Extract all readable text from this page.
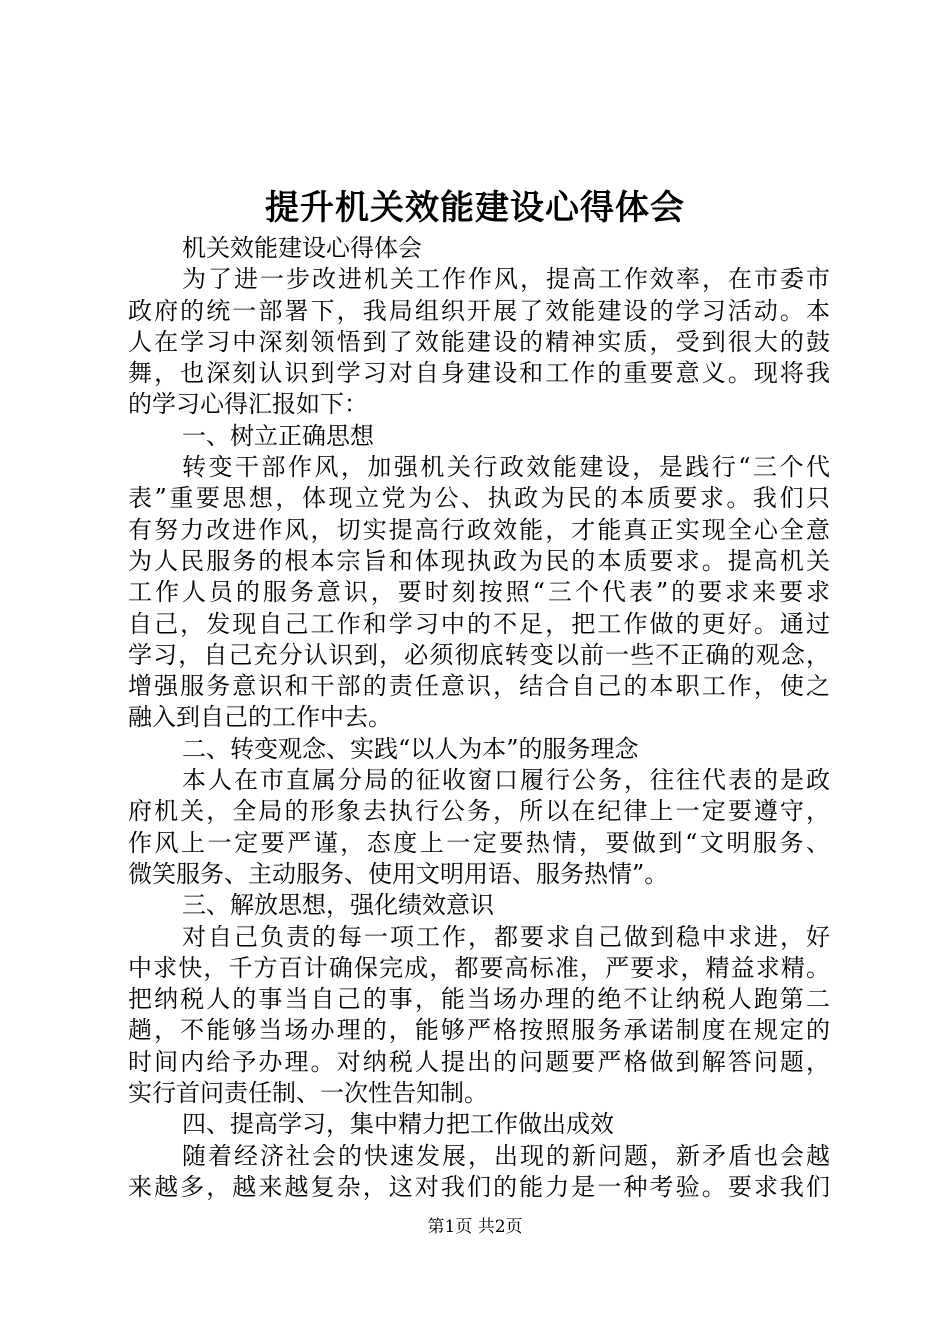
提升机关效能建设心得体会
机关效能建设心得体会
为了进一步改进机关工作作风，提高工作效率，在市委市
政府的统一部署下，我局组织开展了效能建设的学习活动。本
人在学习中深刻领悟到了效能建设的精神实质，受到很大的鼓
舞，也深刻认识到学习对自身建设和工作的重要意义。现将我
的学习心得汇报如下：
一、树立正确思想
转变干部作风，加强机关行政效能建设，是践行“三个代
表”重要思想，体现立党为公、执政为民的本质要求。我们只
有努力改进作风，切实提高行政效能，才能真正实现全心全意
为人民服务的根本宗旨和体现执政为民的本质要求。提高机关
工作人员的服务意识，要时刻按照“三个代表”的要求来要求
自己，发现自己工作和学习中的不足，把工作做的更好。通过
学习，自己充分认识到，必须彻底转变以前一些不正确的观念，
增强服务意识和干部的责任意识，结合自己的本职工作，使之
融入到自己的工作中去。
二、转变观念、实践“以人为本”的服务理念
本人在市直属分局的征收窗口履行公务，往往代表的是政
府机关，全局的形象去执行公务，所以在纪律上一定要遵守，
作风上一定要严谨，态度上一定要热情，要做到“文明服务、
微笑服务、主动服务、使用文明用语、服务热情”。
三、解放思想，强化绩效意识
对自己负责的每一项工作，都要求自己做到稳中求进，好
中求快，千方百计确保完成，都要高标准，严要求，精益求精。
把纳税人的事当自己的事，能当场办理的绝不让纳税人跑第二
趟，不能够当场办理的，能够严格按照服务承诺制度在规定的
时间内给予办理。对纳税人提出的问题要严格做到解答问题，
实行首问责任制、一次性告知制。
四、提高学习，集中精力把工作做出成效
随着经济社会的快速发展，出现的新问题，新矛盾也会越
来越多，越来越复杂，这对我们的能力是一种考验。要求我们
第1页 共2页
